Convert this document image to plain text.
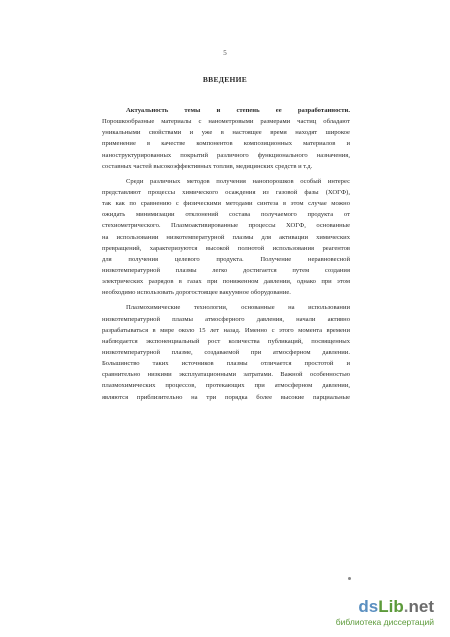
5
ВВЕДЕНИЕ
Актуальность темы и степень ее разработанности.
Порошкообразные материалы с нанометровыми размерами частиц обладают
уникальными свойствами и уже в настоящее время находят широкое
применение в качестве компонентов композиционных материалов и
наноструктурированных покрытий различного функционального назначения,
составных частей высокоэффективных топлив, медицинских средств и т.д.
Среди различных методов получения нанопорошков особый интерес
представляют процессы химического осаждения из газовой фазы (ХОГФ),
так как по сравнению с физическими методами синтеза в этом случае можно
ожидать минимизации отклонений состава получаемого продукта от
стехиометрического. Плазмоактивированные процессы ХОГФ, основанные
на использовании низкотемпературной плазмы для активации химических
превращений, характеризуются высокой полнотой использования реагентов
для получения целевого продукта. Получение неравновесной
низкотемпературной плазмы легко достигается путем создания
электрических разрядов в газах при пониженном давлении, однако при этом
необходимо использовать дорогостоящее вакуумное оборудование.
Плазмохимические технологии, основанные на использовании
низкотемпературной плазмы атмосферного давления, начали активно
разрабатываться в мире около 15 лет назад. Именно с этого момента времени
наблюдается экспоненциальный рост количества публикаций, посвященных
низкотемпературной плазме, создаваемой при атмосферном давлении.
Большинство таких источников плазмы отличается простотой и
сравнительно низкими эксплуатационными затратами. Важной особенностью
плазмохимических процессов, протекающих при атмосферном давлении,
являются приблизительно на три порядка более высокие парциальные
dsLib.net
библиотека диссертаций
